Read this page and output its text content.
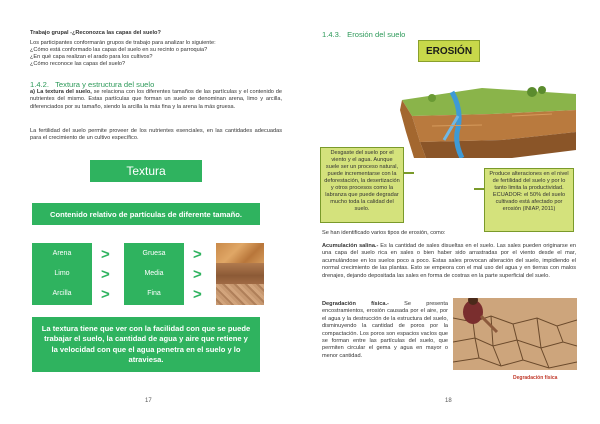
Trabajo grupal -¿Reconozca las capas del suelo?
Los participantes conformarán grupos de trabajo para analizar lo siguiente:
¿Cómo está conformado las capas del suelo en su recinto o parroquia?
¿En qué capa realizan el arado para los cultivos?
¿Cómo reconoce las capas del suelo?
1.4.2. Textura y estructura del suelo
a) La textura del suelo, se relaciona con los diferentes tamaños de las partículas y el contenido de nutrientes del mismo. Estas partículas que forman un suelo se denominan arena, limo y arcilla, diferenciados por su tamaño, siendo la arcilla la más fina y la arena la más gruesa.
La fertilidad del suelo permite proveer de los nutrientes esenciales, en las cantidades adecuadas para el crecimiento de un cultivo específico.
Textura
Contenido relativo de partículas de diferente tamaño.
Arena
Limo
Arcilla
>
>
>
Gruesa
Media
Fina
>
>
>
La textura tiene que ver con la facilidad con que se puede trabajar el suelo, la cantidad de agua y aire que retiene y la velocidad con que el agua penetra en el suelo y lo atraviesa.
17
1.4.3. Erosión del suelo
EROSIÓN
Desgaste del suelo por el viento y el agua. Aunque suele ser un proceso natural, puede incrementarse con la deforestación, la desertización y otros procesos como la labranza que puede degradar mucho toda la calidad del suelo.
Produce alteraciones en el nivel de fertilidad del suelo y por lo tanto limita la productividad. ECUADOR: el 50% del suelo cultivado está afectado por erosión (INIAP, 2011)
Se han identificado varios tipos de erosión, como:
Acumulación salina.- Es la cantidad de sales disueltas en el suelo. Las sales pueden originarse en una capa del suelo rica en sales o bien haber sido arrastradas por el viento desde el mar, acumulándose en los suelos poco a poco. Estas sales provocan alteración del suelo, impidiendo el normal crecimiento de las plantas. Esto se empeora con el mal uso del agua y en tierras con malos drenajes, dejando depositada las sales en forma de costras en la parte superficial del suelo.
Degradación física.-	Se presenta encostramientos, erosión causada por el aire, por el agua y la destrucción de la estructura del suelo, disminuyendo la cantidad de poros por la compactación. Los poros son espacios vacíos que se forman entre las partículas del suelo, que permiten circular el gema y agua en mayor o menor cantidad.
Degradación física
18
